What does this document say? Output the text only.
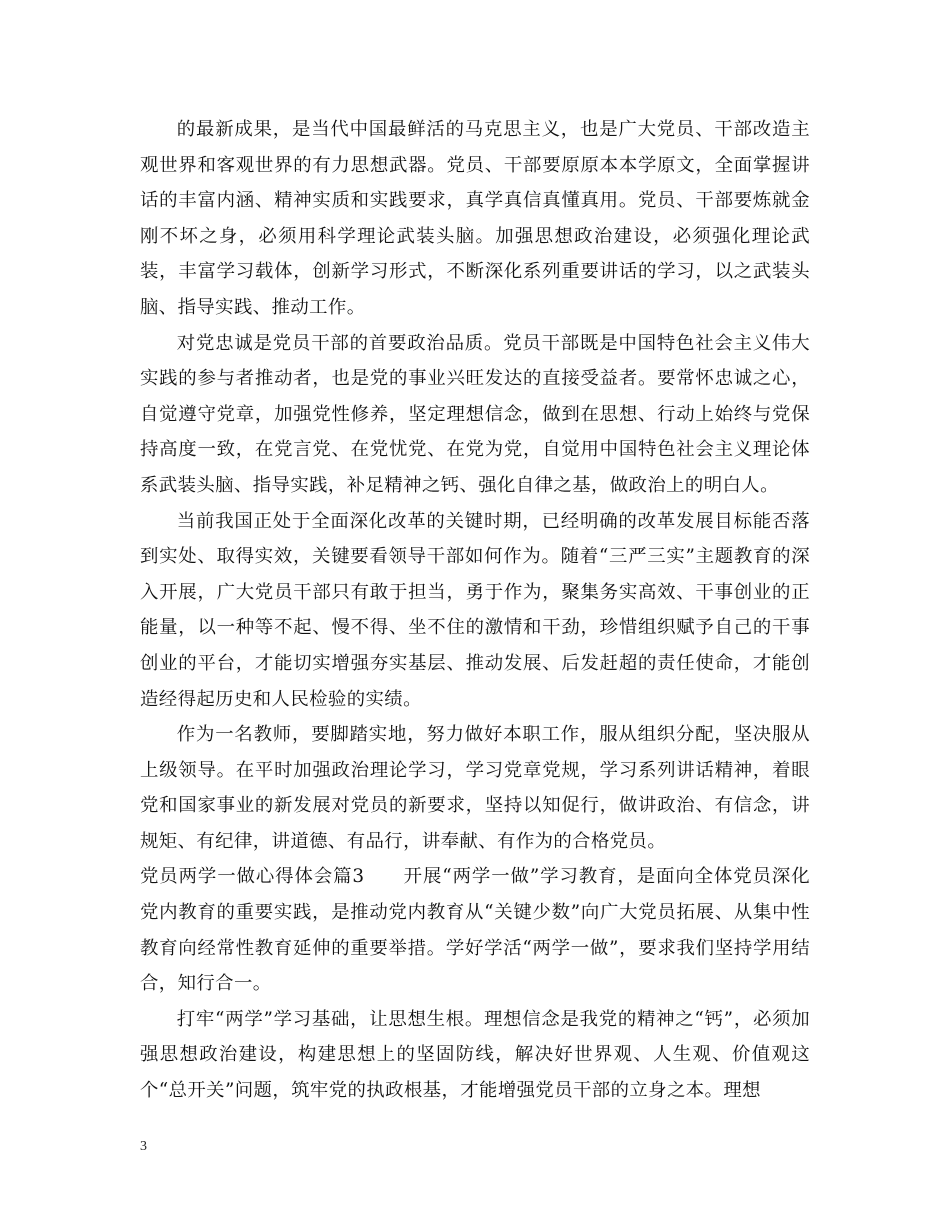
的最新成果，是当代中国最鲜活的马克思主义，也是广大党员、干部改造主观世界和客观世界的有力思想武器。党员、干部要原原本本学原文，全面掌握讲话的丰富内涵、精神实质和实践要求，真学真信真懂真用。党员、干部要炼就金刚不坏之身，必须用科学理论武装头脑。加强思想政治建设，必须强化理论武装，丰富学习载体，创新学习形式，不断深化系列重要讲话的学习，以之武装头脑、指导实践、推动工作。

对党忠诚是党员干部的首要政治品质。党员干部既是中国特色社会主义伟大实践的参与者推动者，也是党的事业兴旺发达的直接受益者。要常怀忠诚之心，自觉遵守党章，加强党性修养，坚定理想信念，做到在思想、行动上始终与党保持高度一致，在党言党、在党忧党、在党为党，自觉用中国特色社会主义理论体系武装头脑、指导实践，补足精神之钙、强化自律之基，做政治上的明白人。

当前我国正处于全面深化改革的关键时期，已经明确的改革发展目标能否落到实处、取得实效，关键要看领导干部如何作为。随着“三严三实”主题教育的深入开展，广大党员干部只有敢于担当，勇于作为，聚集务实高效、干事创业的正能量，以一种等不起、慢不得、坐不住的激情和干劲，珍惜组织赋予自己的干事创业的平台，才能切实增强夯实基层、推动发展、后发赶超的责任使命，才能创造经得起历史和人民检验的实绩。

作为一名教师，要脚踏实地，努力做好本职工作，服从组织分配，坚决服从上级领导。在平时加强政治理论学习，学习党章党规，学习系列讲话精神，着眼党和国家事业的新发展对党员的新要求，坚持以知促行，做讲政治、有信念，讲规矩、有纪律，讲道德、有品行，讲奉献、有作为的合格党员。

党员两学一做心得体会篇3　　开展“两学一做”学习教育，是面向全体党员深化党内教育的重要实践，是推动党内教育从“关键少数”向广大党员拓展、从集中性教育向经常性教育延伸的重要举措。学好学活“两学一做”，要求我们坚持学用结合，知行合一。

打牢“两学”学习基础，让思想生根。理想信念是我党的精神之“钙”，必须加强思想政治建设，构建思想上的坚固防线，解决好世界观、人生观、价值观这个“总开关”问题，筑牢党的执政根基，才能增强党员干部的立身之本。理想

3
